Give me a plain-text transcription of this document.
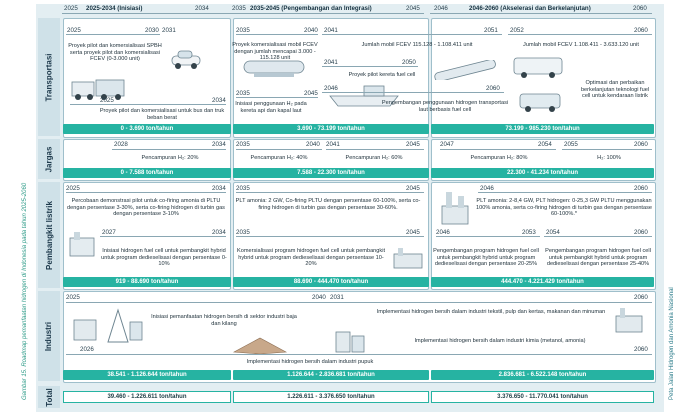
Gambar 15. Roadmap pemanfaatan hidrogen di Indonesia pada tahun 2025-2060	Peta Jalan Hidrogen dan Amonia Nasional
2025 2025-2034 (Inisiasi)	2034	2035 2035-2045 (Pengembangan dan Integrasi)	2045 2046	2046-2060 (Akselerasi dan Berkelanjutan)	2060
Transportasi
2025	2030 2031
Proyek pilot dan komersialisasi SPBH serta proyek pilot dan komersialisasi FCEV (0-3.000 unit)
2025	2034
Proyek pilot dan komersialisasi untuk bus dan truk beban berat
0 - 3.690 ton/tahun
2035	2040
Proyek komersialisasi mobil FCEV dengan jumlah mencapai 3.000 - 115.128 unit
2035	2045
Inisiasi penggunaan H₂ pada kereta api dan kapal laut
3.690 - 73.199 ton/tahun
2041	2051
Jumlah mobil FCEV 115.128 - 1.108.411 unit
2052	2060
Jumlah mobil FCEV 1.108.411 - 3.633.120 unit
2041	2050
Proyek pilot kereta fuel cell
2046	2060
Pengembangan penggunaan hidrogen transportasi laut berbasis fuel cell
Optimasi dan perbaikan berkelanjutan teknologi fuel cell untuk kendaraan listrik
73.199 - 985.230 ton/tahun
Jargas
2028	2034
Pencampuran H₂: 20%
0 - 7.588 ton/tahun
2035	2040
Pencampuran H₂: 40%
2041	2045
Pencampuran H₂: 60%
7.588 - 22.300 ton/tahun
2047	2054
Pencampuran H₂: 80%
2055	2060
H₂: 100%
22.300 - 41.234 ton/tahun
Pembangkit listrik
2025	2034
Percobaan demonstrasi pilot untuk co-firing amonia di PLTU dengan persentase 3-30%, serta co-firing hidrogen di turbin gas dengan persentase 3-10%
2027	2034
Inisiasi hidrogen fuel cell untuk pembangkit hybrid untuk program dedieselisasi dengan persentase 0-10%
919 - 88.690 ton/tahun
2035	2045
PLT amonia: 2 GW, Co-firing PLTU dengan persentase 60-100%, serta co-firing hidrogen di turbin gas dengan persentase 30-60%.
2035	2045
Komersialisasi program hidrogen fuel cell untuk pembangkit hybrid untuk program dedieselisasi dengan persentase 10-20%
88.690 - 444.470 ton/tahun
2046	2060
PLT amonia: 2-8,4 GW, PLT hidrogen: 0-25,3 GW PLTU menggunakan 100% amonia, serta co-firing hidrogen di turbin gas dengan persentase 60-100%.*
2046	2053
Pengembangan program hidrogen fuel cell untuk pembangkit hybrid untuk program dedieselisasi dengan persentase 20-25%
2054	2060
Pengembangan program hidrogen fuel cell untuk pembangkit hybrid untuk program dedieselisasi dengan persentase 25-40%
444.470 - 4.221.429 ton/tahun
Industri
2025	2040
Inisiasi pemanfaatan hidrogen bersih di sektor industri baja dan kilang
2031	2060
Implementasi hidrogen bersih dalam industri tekstil, pulp dan kertas, makanan dan minuman
Implementasi hidrogen bersih dalam industri kimia (metanol, amonia)
2026	2060
Implementasi hidrogen bersih dalam industri pupuk
38.541 - 1.126.644 ton/tahun	1.126.644 - 2.836.681 ton/tahun	2.836.681 - 6.522.148 ton/tahun
Total	39.460 - 1.226.611 ton/tahun	1.226.611 - 3.376.650 ton/tahun	3.376.650 - 11.770.041 ton/tahun
